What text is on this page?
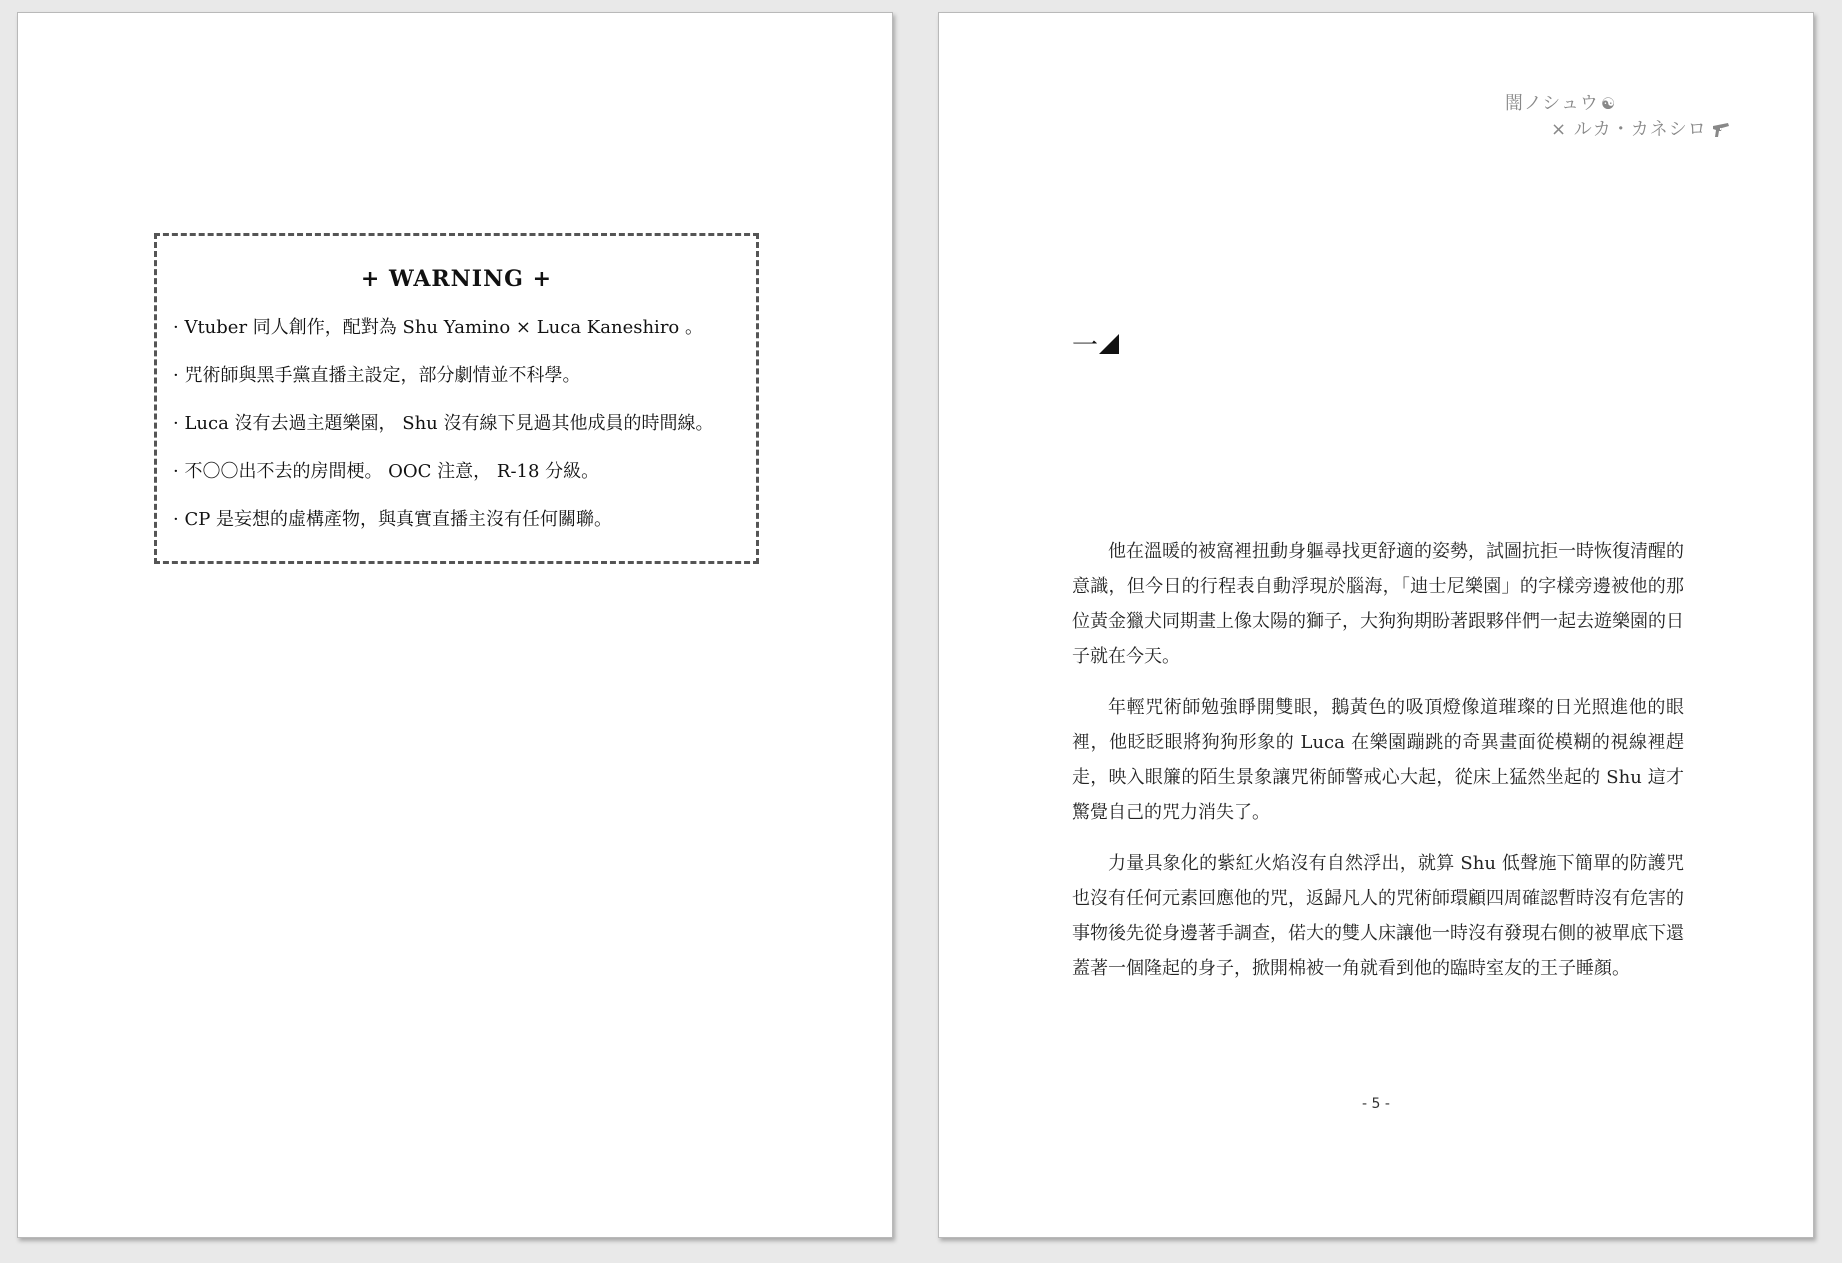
+ WARNING +
· Vtuber 同人創作，配對為 Shu Yamino × Luca Kaneshiro 。
· 咒術師與黑手黨直播主設定，部分劇情並不科學。
· Luca 沒有去過主題樂園， Shu 沒有線下見過其他成員的時間線。
· 不〇〇出不去的房間梗。 OOC 注意， R-18 分級。
· CP 是妄想的虛構產物，與真實直播主沒有任何關聯。
闇ノシュウ ☯
× ルカ・カネシロ
一

他在溫暖的被窩裡扭動身軀尋找更舒適的姿勢，試圖抗拒一時恢復清醒的意識，但今日的行程表自動浮現於腦海，「迪士尼樂園」的字樣旁邊被他的那位黃金獵犬同期畫上像太陽的獅子，大狗狗期盼著跟夥伴們一起去遊樂園的日子就在今天。

年輕咒術師勉強睜開雙眼，鵝黃色的吸頂燈像道璀璨的日光照進他的眼裡，他眨眨眼將狗狗形象的 Luca 在樂園蹦跳的奇異畫面從模糊的視線裡趕走，映入眼簾的陌生景象讓咒術師警戒心大起，從床上猛然坐起的 Shu 這才驚覺自己的咒力消失了。

力量具象化的紫紅火焰沒有自然浮出，就算 Shu 低聲施下簡單的防護咒也沒有任何元素回應他的咒，返歸凡人的咒術師環顧四周確認暫時沒有危害的事物後先從身邊著手調查，偌大的雙人床讓他一時沒有發現右側的被單底下還蓋著一個隆起的身子，掀開棉被一角就看到他的臨時室友的王子睡顏。

- 5 -
